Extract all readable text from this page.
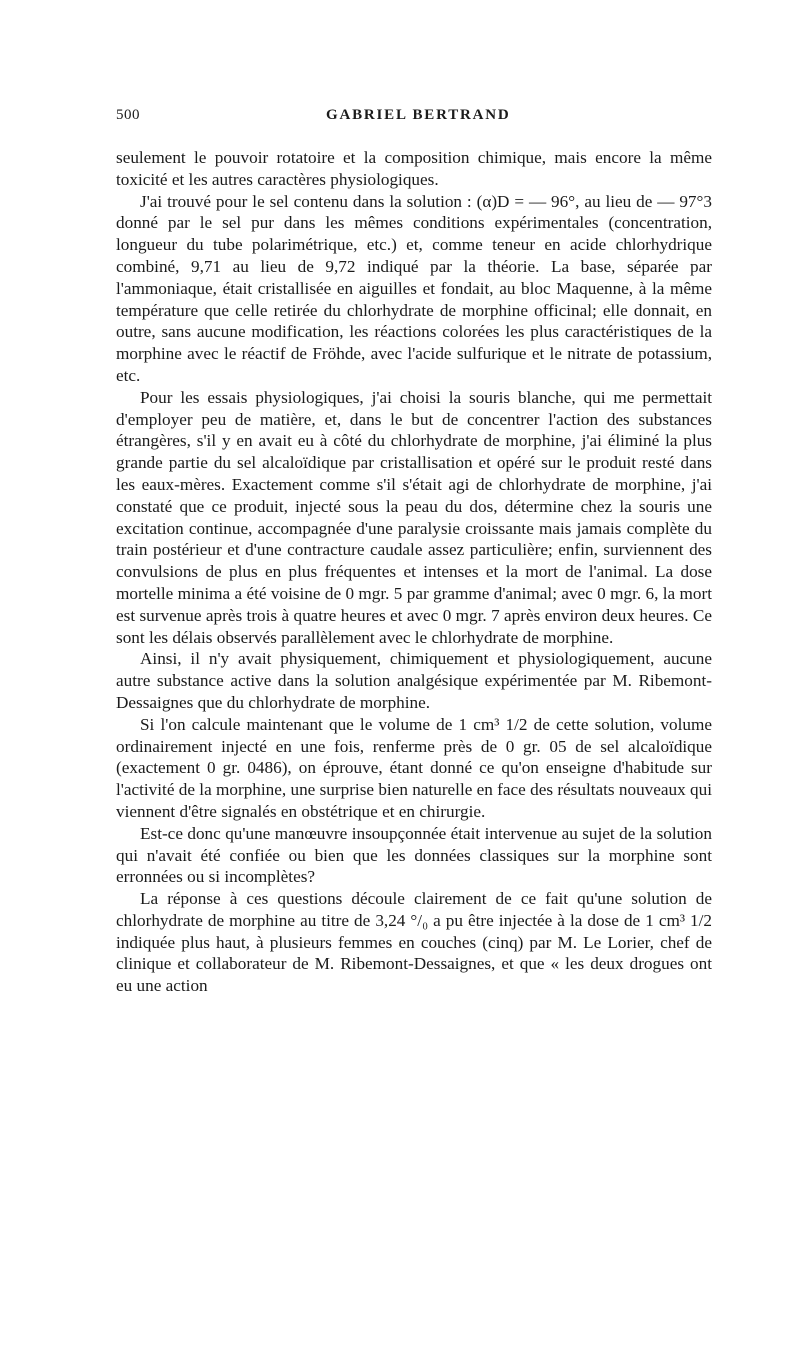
500	GABRIEL BERTRAND

seulement le pouvoir rotatoire et la composition chimique, mais encore la même toxicité et les autres caractères physiologiques.

J'ai trouvé pour le sel contenu dans la solution : (α)D = — 96°, au lieu de — 97°3 donné par le sel pur dans les mêmes conditions expérimentales (concentration, longueur du tube polarimétrique, etc.) et, comme teneur en acide chlorhydrique combiné, 9,71 au lieu de 9,72 indiqué par la théorie. La base, séparée par l'ammoniaque, était cristallisée en aiguilles et fondait, au bloc Maquenne, à la même température que celle retirée du chlorhydrate de morphine officinal; elle donnait, en outre, sans aucune modification, les réactions colorées les plus caractéristiques de la morphine avec le réactif de Fröhde, avec l'acide sulfurique et le nitrate de potassium, etc.

Pour les essais physiologiques, j'ai choisi la souris blanche, qui me permettait d'employer peu de matière, et, dans le but de concentrer l'action des substances étrangères, s'il y en avait eu à côté du chlorhydrate de morphine, j'ai éliminé la plus grande partie du sel alcaloïdique par cristallisation et opéré sur le produit resté dans les eaux-mères. Exactement comme s'il s'était agi de chlorhydrate de morphine, j'ai constaté que ce produit, injecté sous la peau du dos, détermine chez la souris une excitation continue, accompagnée d'une paralysie croissante mais jamais complète du train postérieur et d'une contracture caudale assez particulière; enfin, surviennent des convulsions de plus en plus fréquentes et intenses et la mort de l'animal. La dose mortelle minima a été voisine de 0 mgr. 5 par gramme d'animal; avec 0 mgr. 6, la mort est survenue après trois à quatre heures et avec 0 mgr. 7 après environ deux heures. Ce sont les délais observés parallèlement avec le chlorhydrate de morphine.

Ainsi, il n'y avait physiquement, chimiquement et physiologiquement, aucune autre substance active dans la solution analgésique expérimentée par M. Ribemont-Dessaignes que du chlorhydrate de morphine.

Si l'on calcule maintenant que le volume de 1 cm³ 1/2 de cette solution, volume ordinairement injecté en une fois, renferme près de 0 gr. 05 de sel alcaloïdique (exactement 0 gr. 0486), on éprouve, étant donné ce qu'on enseigne d'habitude sur l'activité de la morphine, une surprise bien naturelle en face des résultats nouveaux qui viennent d'être signalés en obstétrique et en chirurgie.

Est-ce donc qu'une manœuvre insoupçonnée était intervenue au sujet de la solution qui n'avait été confiée ou bien que les données classiques sur la morphine sont erronnées ou si incomplètes?

La réponse à ces questions découle clairement de ce fait qu'une solution de chlorhydrate de morphine au titre de 3,24 °/₀ a pu être injectée à la dose de 1 cm³ 1/2 indiquée plus haut, à plusieurs femmes en couches (cinq) par M. Le Lorier, chef de clinique et collaborateur de M. Ribemont-Dessaignes, et que « les deux drogues ont eu une action
